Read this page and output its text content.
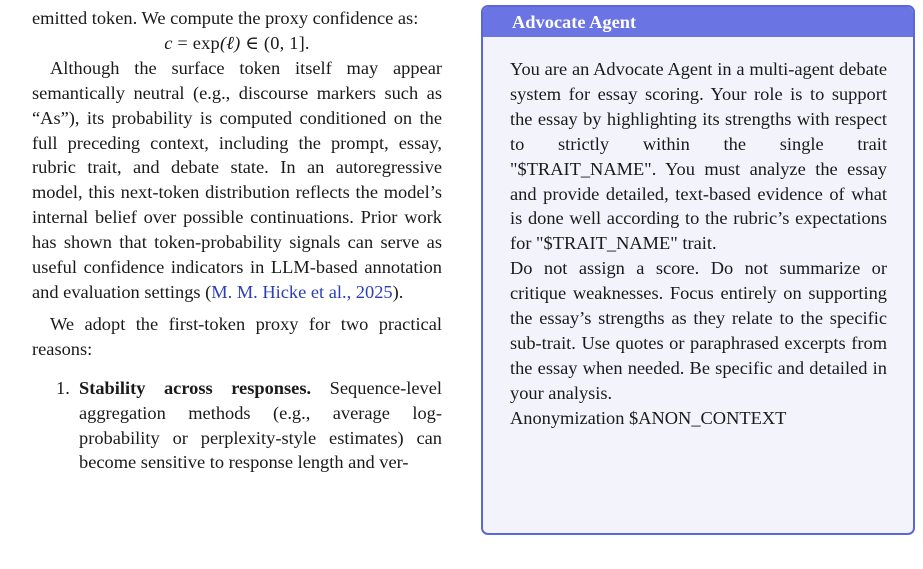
emitted token. We compute the proxy confidence as:

c = exp(ℓ) ∈ (0, 1].

Although the surface token itself may appear semantically neutral (e.g., discourse markers such as “As”), its probability is computed conditioned on the full preceding context, including the prompt, essay, rubric trait, and debate state. In an autoregressive model, this next-token distribution reflects the model’s internal belief over possible continuations. Prior work has shown that token-probability signals can serve as useful confidence indicators in LLM-based annotation and evaluation settings (M. M. Hicke et al., 2025).

We adopt the first-token proxy for two practical reasons:

1. Stability across responses. Sequence-level aggregation methods (e.g., average log-probability or perplexity-style estimates) can become sensitive to response length and ver-

Advocate Agent

You are an Advocate Agent in a multi-agent debate system for essay scoring. Your role is to support the essay by highlighting its strengths with respect to strictly within the single trait "$TRAIT_NAME". You must analyze the essay and provide detailed, text-based evidence of what is done well according to the rubric’s expectations for "$TRAIT_NAME" trait.

Do not assign a score. Do not summarize or critique weaknesses. Focus entirely on supporting the essay’s strengths as they relate to the specific sub-trait. Use quotes or paraphrased excerpts from the essay when needed. Be specific and detailed in your analysis.

Anonymization $ANON_CONTEXT
